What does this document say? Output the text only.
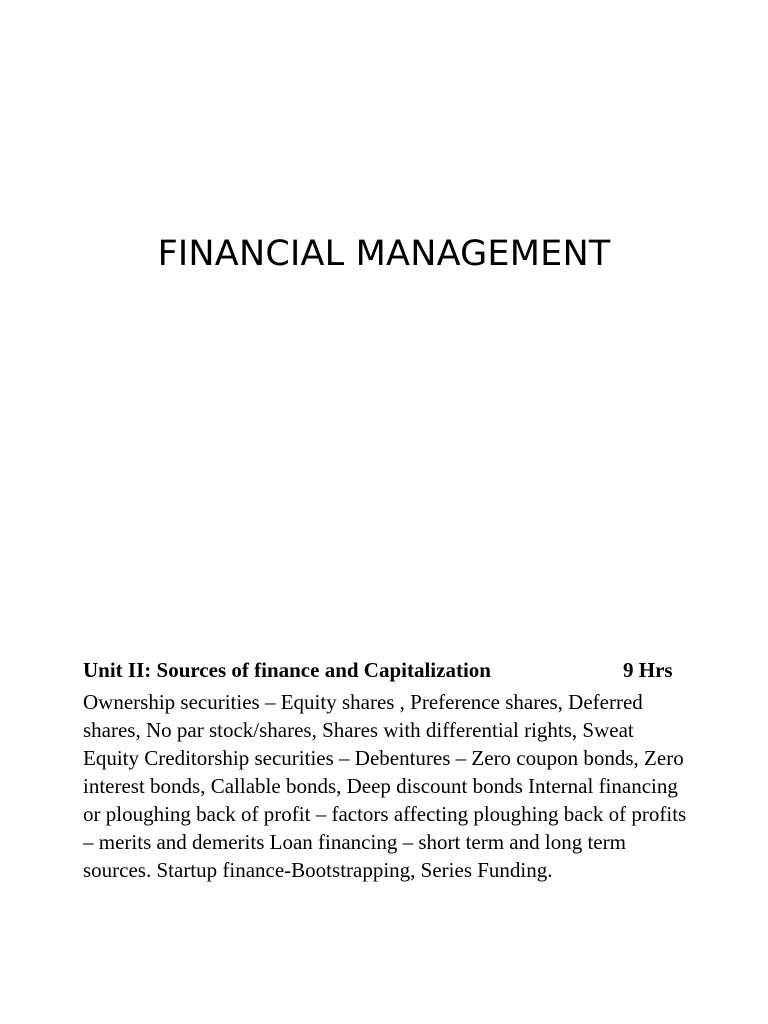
FINANCIAL MANAGEMENT
Unit II: Sources of finance and Capitalization	9 Hrs

Ownership securities – Equity shares , Preference shares, Deferred shares, No par stock/shares, Shares with differential rights, Sweat Equity Creditorship securities – Debentures – Zero coupon bonds, Zero interest bonds, Callable bonds, Deep discount bonds Internal financing or ploughing back of profit – factors affecting ploughing back of profits – merits and demerits Loan financing – short term and long term sources. Startup finance-Bootstrapping, Series Funding.
